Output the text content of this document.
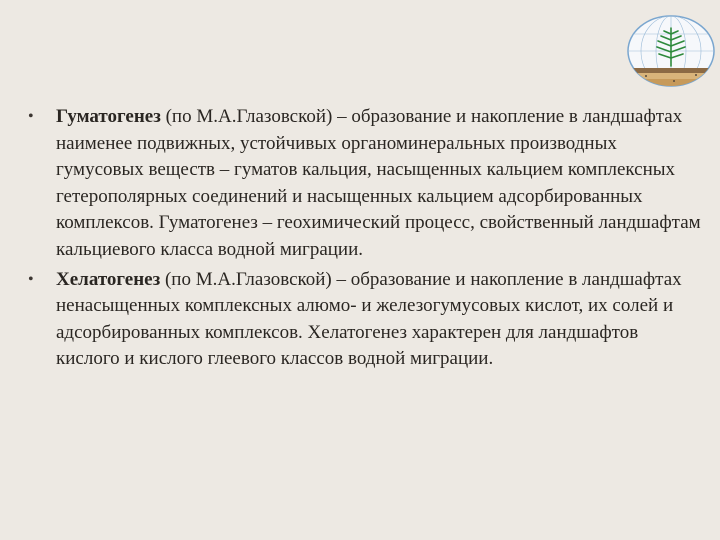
• Гуматогенез (по М.А.Глазовской) – образование и накопление в ландшафтах наименее подвижных, устойчивых органоминеральных производных гумусовых веществ – гуматов кальция, насыщенных кальцием комплексных гетерополярных соединений и насыщенных кальцием адсорбированных комплексов. Гуматогенез – геохимический процесс, свойственный ландшафтам кальциевого класса водной миграции.
• Хелатогенез (по М.А.Глазовской) – образование и накопление в ландшафтах ненасыщенных комплексных алюмо- и железогумусовых кислот, их солей и адсорбированных комплексов. Хелатогенез характерен для ландшафтов кислого и кислого глеевого классов водной миграции.
